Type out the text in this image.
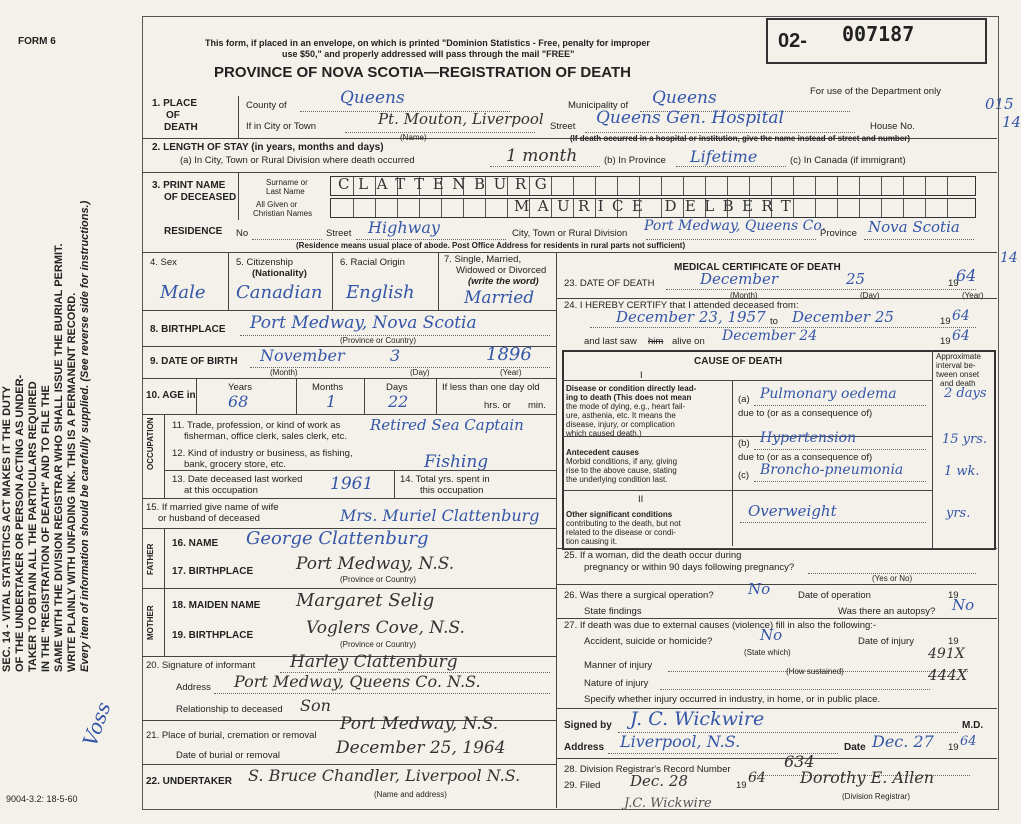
FORM 6
SEC. 14 - VITAL STATISTICS ACT MAKES IT THE DUTY OF THE UNDERTAKER OR PERSON ACTING AS UNDER- TAKER TO OBTAIN ALL THE PARTICULARS REQUIRED IN THE "REGISTRATION OF DEATH" AND TO FILE THE SAME WITH THE DIVISION REGISTRAR WHO SHALL ISSUE THE BURIAL PERMIT. WRITE PLAINLY WITH UNFADING INK. THIS IS A PERMANENT RECORD. Every item of information should be carefully supplied. (See reverse side for instructions.)
Voss
9004-3.2: 18-5-60
015
14
14
This form, if placed in an envelope, on which is printed "Dominion Statistics - Free, penalty for improper
use $50," and properly addressed will pass through the mail "FREE"
PROVINCE OF NOVA SCOTIA—REGISTRATION OF DEATH
02- 007187
For use of the Department only
1. PLACE
OF
DEATH
County of	Queens	Municipality of Queens
If in City or Town	Pt. Mouton, Liverpool
(Name)
Street Queens Gen. Hospital	House No.
(If death occurred in a hospital or institution, give the name instead of street and number)
2. LENGTH OF STAY (in years, months and days)
(a) In City, Town or Rural Division where death occurred	1 month	(b) In Province Lifetime	(c) In Canada (if immigrant)
3. PRINT NAME
OF DECEASED
Surname or
Last Name
All Given or
Christian Names
CLATTENBURG
MAURICE DELBERT
RESIDENCE No	Street Highway	City, Town or Rural Division Port Medway, Queens Co.
Province Nova Scotia
(Residence means usual place of abode. Post Office Address for residents in rural parts not sufficient)
4. Sex
Male
5. Citizenship
(Nationality)
Canadian
6. Racial Origin
English
7. Single, Married,
Widowed or Divorced
(write the word)
Married
8. BIRTHPLACE Port Medway, Nova Scotia
(Province or Country)
9. DATE OF BIRTH November	3	1896
(Month)	(Day)	(Year)
10. AGE in
Years	Months	Days
68	1	22
If less than one day old
hrs. or min.
OCCUPATION 11. Trade, profession, or kind of work as
fisherman, office clerk, sales clerk, etc.
Retired Sea Captain
12. Kind of industry or business, as fishing,
bank, grocery store, etc.	Fishing
13. Date deceased last worked
at this occupation	1961	14. Total yrs. spent in
this occupation
15. If married give name of wife
or husband of deceased	Mrs. Muriel Clattenburg
FATHER
16. NAME George Clattenburg
17. BIRTHPLACE	Port Medway, N.S.
(Province or Country)
MOTHER 18. MAIDEN NAME Margaret Selig
19. BIRTHPLACE	Voglers Cove, N.S.
(Province or Country)
20. Signature of informant Harley Clattenburg
Address Port Medway, Queens Co. N.S.
Relationship to deceased Son
21. Place of burial, cremation or removal
Port Medway, N.S.
Date of burial or removal	December 25, 1964
22. UNDERTAKER S. Bruce Chandler, Liverpool N.S.
(Name and address)
MEDICAL CERTIFICATE OF DEATH
23. DATE OF DEATH	December	25	19
64
(Month)	(Day)	(Year)
24. I HEREBY CERTIFY that I attended deceased from:
December 23, 1957 to December 25	19 64
and last saw him alive on December 24	19 64
CAUSE OF DEATH	Approximate
interval be-
tween onset
and death
I
Disease or condition directly lead-
ing to death (This does not mean
the mode of dying, e.g., heart fail-
ure, asthenia, etc. It means the
disease, injury, or complication
which caused death.)
(a) Pulmonary oedema	2 days
due to (or as a consequence of)
Antecedent causes
Morbid conditions, if any, giving
rise to the above cause, stating
the underlying condition last.
(b) Hypertension	15 yrs.
due to (or as a consequence of)
(c) Broncho-pneumonia	1 wk.
II
Other significant conditions
contributing to the death, but not
related to the disease or condi-
tion causing it.
Overweight	yrs.
25. If a woman, did the death occur during
pregnancy or within 90 days following pregnancy?
(Yes or No)
26. Was there a surgical operation? No	Date of operation	19
State findings	Was there an autopsy? No
27. If death was due to external causes (violence) fill in also the following:-
Accident, suicide or homicide?	No
(State which)
Date of injury	19
Manner of injury
491X
(How sustained)
Nature of injury	444X
Specify whether injury occurred in industry, in home, or in public place.
Signed by J. C. Wickwire	M.D.
Address Liverpool, N.S.	Date Dec. 27 19 64
28. Division Registrar's Record Number	634
29. Filed Dec. 28	19 64 Dorothy E. Allen
(Division Registrar)
J.C. Wickwire
